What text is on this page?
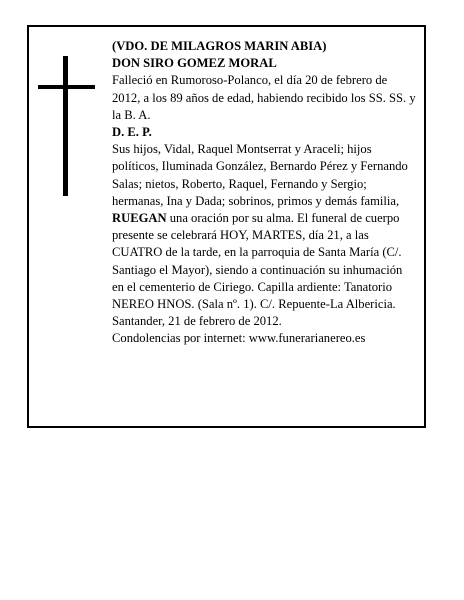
(VDO. DE MILAGROS MARIN ABIA)

DON SIRO GOMEZ MORAL

Falleció en Rumoroso-Polanco, el día 20 de febrero de 2012, a los 89 años de edad, habiendo recibido los SS. SS. y la B. A.

D. E. P.

Sus hijos, Vidal, Raquel Montserrat y Araceli; hijos políticos, Iluminada González, Bernardo Pérez y Fernando Salas; nietos, Roberto, Raquel, Fernando y Sergio; hermanas, Ina y Dada; sobrinos, primos y demás familia,

RUEGAN una oración por su alma. El funeral de cuerpo presente se celebrará HOY, MARTES, día 21, a las CUATRO de la tarde, en la parroquia de Santa María (C/. Santiago el Mayor), siendo a continuación su inhumación en el cementerio de Ciriego. Capilla ardiente: Tanatorio NEREO HNOS. (Sala nº. 1). C/. Repuente-La Albericia.

Santander, 21 de febrero de 2012.

Condolencias por internet: www.funerarianereo.es
